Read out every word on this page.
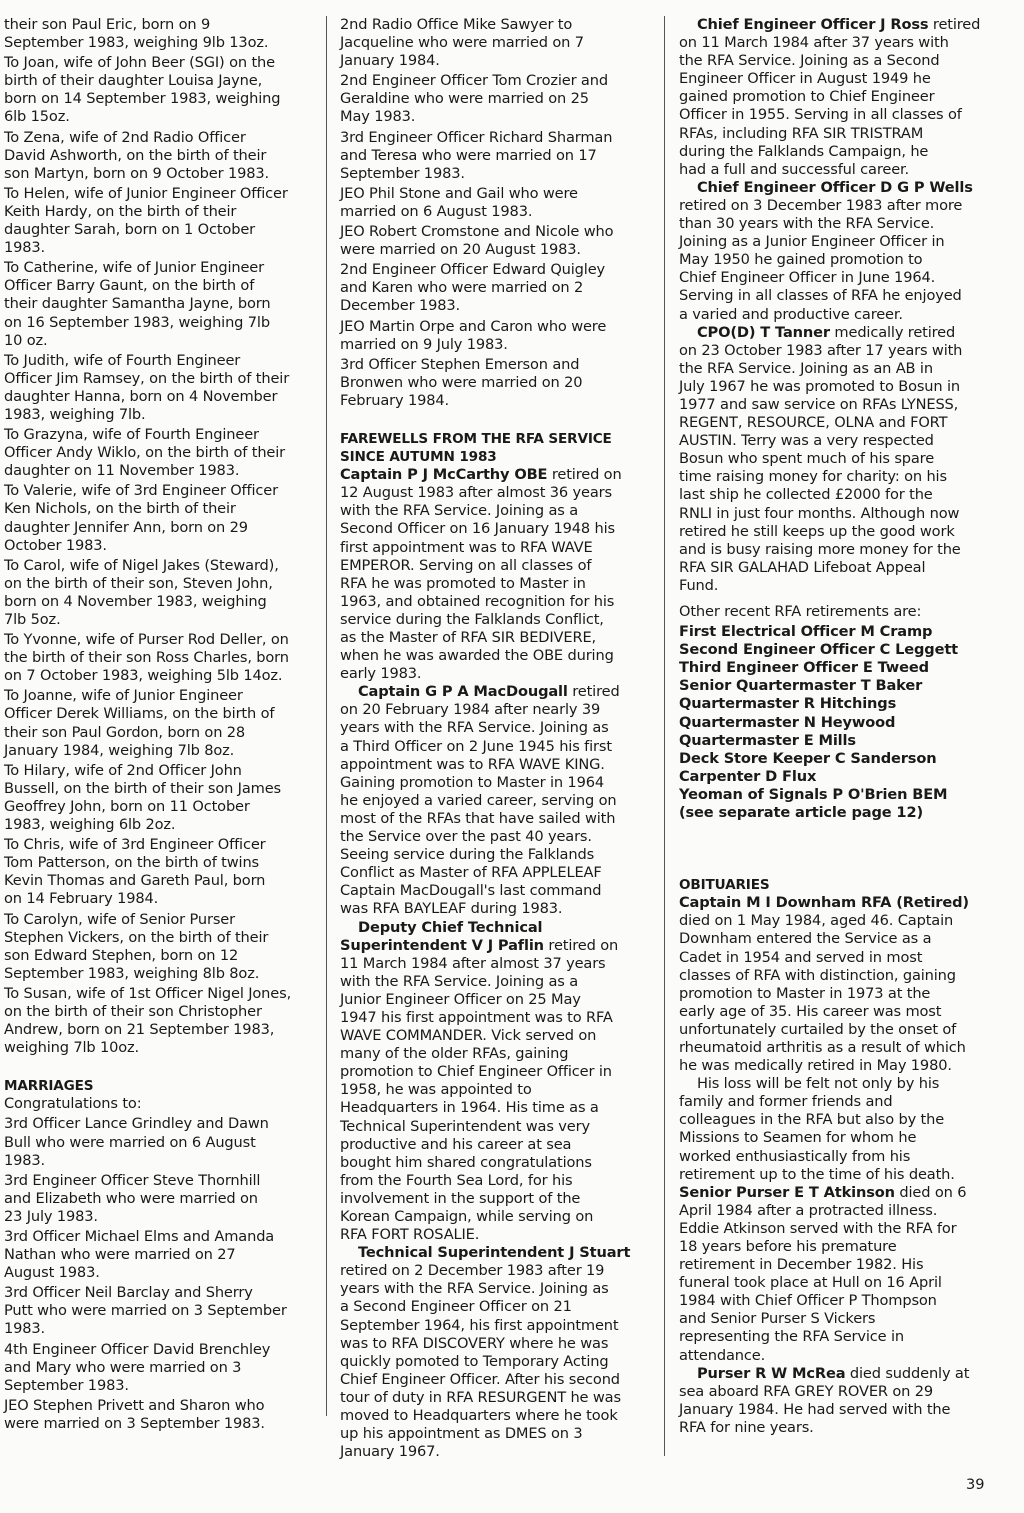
their son Paul Eric, born on 9
September 1983, weighing 9lb 13oz.
To Joan, wife of John Beer (SGI) on the
birth of their daughter Louisa Jayne,
born on 14 September 1983, weighing
6lb 15oz.
To Zena, wife of 2nd Radio Officer
David Ashworth, on the birth of their
son Martyn, born on 9 October 1983.
To Helen, wife of Junior Engineer Officer
Keith Hardy, on the birth of their
daughter Sarah, born on 1 October
1983.
To Catherine, wife of Junior Engineer
Officer Barry Gaunt, on the birth of
their daughter Samantha Jayne, born
on 16 September 1983, weighing 7lb
10 oz.
To Judith, wife of Fourth Engineer
Officer Jim Ramsey, on the birth of their
daughter Hanna, born on 4 November
1983, weighing 7lb.
To Grazyna, wife of Fourth Engineer
Officer Andy Wiklo, on the birth of their
daughter on 11 November 1983.
To Valerie, wife of 3rd Engineer Officer
Ken Nichols, on the birth of their
daughter Jennifer Ann, born on 29
October 1983.
To Carol, wife of Nigel Jakes (Steward),
on the birth of their son, Steven John,
born on 4 November 1983, weighing
7lb 5oz.
To Yvonne, wife of Purser Rod Deller, on
the birth of their son Ross Charles, born
on 7 October 1983, weighing 5lb 14oz.
To Joanne, wife of Junior Engineer
Officer Derek Williams, on the birth of
their son Paul Gordon, born on 28
January 1984, weighing 7lb 8oz.
To Hilary, wife of 2nd Officer John
Bussell, on the birth of their son James
Geoffrey John, born on 11 October
1983, weighing 6lb 2oz.
To Chris, wife of 3rd Engineer Officer
Tom Patterson, on the birth of twins
Kevin Thomas and Gareth Paul, born
on 14 February 1984.
To Carolyn, wife of Senior Purser
Stephen Vickers, on the birth of their
son Edward Stephen, born on 12
September 1983, weighing 8lb 8oz.
To Susan, wife of 1st Officer Nigel Jones,
on the birth of their son Christopher
Andrew, born on 21 September 1983,
weighing 7lb 10oz.

MARRIAGES

Congratulations to:

3rd Officer Lance Grindley and Dawn
Bull who were married on 6 August
1983.
3rd Engineer Officer Steve Thornhill
and Elizabeth who were married on
23 July 1983.
3rd Officer Michael Elms and Amanda
Nathan who were married on 27
August 1983.
3rd Officer Neil Barclay and Sherry
Putt who were married on 3 September
1983.
4th Engineer Officer David Brenchley
and Mary who were married on 3
September 1983.
JEO Stephen Privett and Sharon who
were married on 3 September 1983.
2nd Radio Office Mike Sawyer to
Jacqueline who were married on 7
January 1984.
2nd Engineer Officer Tom Crozier and
Geraldine who were married on 25
May 1983.
3rd Engineer Officer Richard Sharman
and Teresa who were married on 17
September 1983.
JEO Phil Stone and Gail who were
married on 6 August 1983.
JEO Robert Cromstone and Nicole who
were married on 20 August 1983.
2nd Engineer Officer Edward Quigley
and Karen who were married on 2
December 1983.
JEO Martin Orpe and Caron who were
married on 9 July 1983.
3rd Officer Stephen Emerson and
Bronwen who were married on 20
February 1984.

FAREWELLS FROM THE RFA SERVICE
SINCE AUTUMN 1983

Captain P J McCarthy OBE retired on
12 August 1983 after almost 36 years
with the RFA Service. Joining as a
Second Officer on 16 January 1948 his
first appointment was to RFA WAVE
EMPEROR. Serving on all classes of
RFA he was promoted to Master in
1963, and obtained recognition for his
service during the Falklands Conflict,
as the Master of RFA SIR BEDIVERE,
when he was awarded the OBE during
early 1983.
Captain G P A MacDougall retired
on 20 February 1984 after nearly 39
years with the RFA Service. Joining as
a Third Officer on 2 June 1945 his first
appointment was to RFA WAVE KING.
Gaining promotion to Master in 1964
he enjoyed a varied career, serving on
most of the RFAs that have sailed with
the Service over the past 40 years.
Seeing service during the Falklands
Conflict as Master of RFA APPLELEAF
Captain MacDougall's last command
was RFA BAYLEAF during 1983.
Deputy Chief Technical
Superintendent V J Paflin retired on
11 March 1984 after almost 37 years
with the RFA Service. Joining as a
Junior Engineer Officer on 25 May
1947 his first appointment was to RFA
WAVE COMMANDER. Vick served on
many of the older RFAs, gaining
promotion to Chief Engineer Officer in
1958, he was appointed to
Headquarters in 1964. His time as a
Technical Superintendent was very
productive and his career at sea
bought him shared congratulations
from the Fourth Sea Lord, for his
involvement in the support of the
Korean Campaign, while serving on
RFA FORT ROSALIE.
Technical Superintendent J Stuart
retired on 2 December 1983 after 19
years with the RFA Service. Joining as
a Second Engineer Officer on 21
September 1964, his first appointment
was to RFA DISCOVERY where he was
quickly pomoted to Temporary Acting
Chief Engineer Officer. After his second
tour of duty in RFA RESURGENT he was
moved to Headquarters where he took
up his appointment as DMES on 3
January 1967.
Chief Engineer Officer J Ross retired
on 11 March 1984 after 37 years with
the RFA Service. Joining as a Second
Engineer Officer in August 1949 he
gained promotion to Chief Engineer
Officer in 1955. Serving in all classes of
RFAs, including RFA SIR TRISTRAM
during the Falklands Campaign, he
had a full and successful career.
Chief Engineer Officer D G P Wells
retired on 3 December 1983 after more
than 30 years with the RFA Service.
Joining as a Junior Engineer Officer in
May 1950 he gained promotion to
Chief Engineer Officer in June 1964.
Serving in all classes of RFA he enjoyed
a varied and productive career.
CPO(D) T Tanner medically retired
on 23 October 1983 after 17 years with
the RFA Service. Joining as an AB in
July 1967 he was promoted to Bosun in
1977 and saw service on RFAs LYNESS,
REGENT, RESOURCE, OLNA and FORT
AUSTIN. Terry was a very respected
Bosun who spent much of his spare
time raising money for charity: on his
last ship he collected £2000 for the
RNLI in just four months. Although now
retired he still keeps up the good work
and is busy raising more money for the
RFA SIR GALAHAD Lifeboat Appeal
Fund.

Other recent RFA retirements are:

First Electrical Officer M Cramp
Second Engineer Officer C Leggett
Third Engineer Officer E Tweed
Senior Quartermaster T Baker
Quartermaster R Hitchings
Quartermaster N Heywood
Quartermaster E Mills
Deck Store Keeper C Sanderson
Carpenter D Flux
Yeoman of Signals P O'Brien BEM
(see separate article page 12)

OBITUARIES

Captain M I Downham RFA (Retired)
died on 1 May 1984, aged 46. Captain
Downham entered the Service as a
Cadet in 1954 and served in most
classes of RFA with distinction, gaining
promotion to Master in 1973 at the
early age of 35. His career was most
unfortunately curtailed by the onset of
rheumatoid arthritis as a result of which
he was medically retired in May 1980.
His loss will be felt not only by his
family and former friends and
colleagues in the RFA but also by the
Missions to Seamen for whom he
worked enthusiastically from his
retirement up to the time of his death.
Senior Purser E T Atkinson died on 6
April 1984 after a protracted illness.
Eddie Atkinson served with the RFA for
18 years before his premature
retirement in December 1982. His
funeral took place at Hull on 16 April
1984 with Chief Officer P Thompson
and Senior Purser S Vickers
representing the RFA Service in
attendance.
Purser R W McRea died suddenly at
sea aboard RFA GREY ROVER on 29
January 1984. He had served with the
RFA for nine years.
39
